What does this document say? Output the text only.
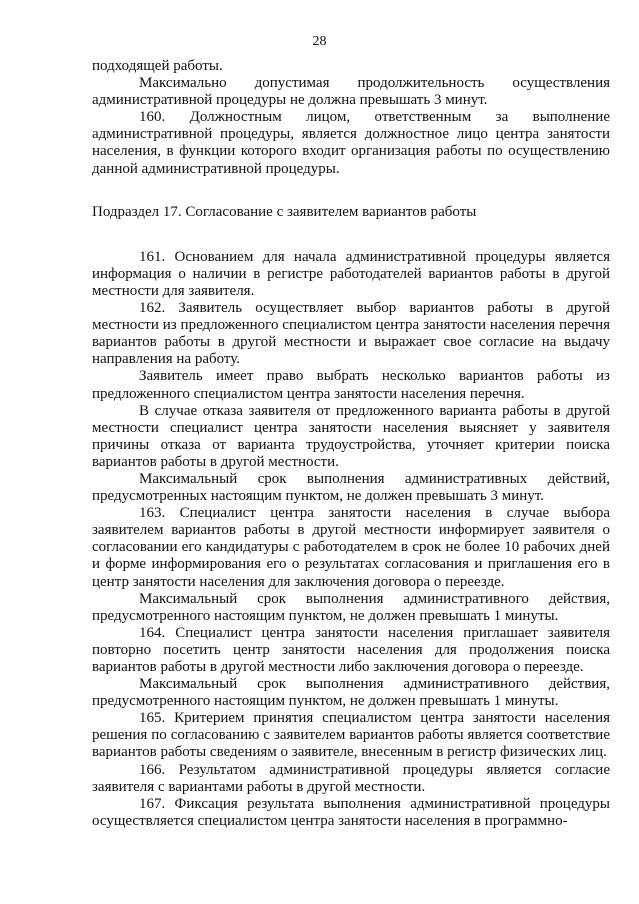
28

подходящей работы.

Максимально допустимая продолжительность осуществления административной процедуры не должна превышать 3 минут.

160. Должностным лицом, ответственным за выполнение административной процедуры, является должностное лицо центра занятости населения, в функции которого входит организация работы по осуществлению данной административной процедуры.

Подраздел 17. Согласование с заявителем вариантов работы

161. Основанием для начала административной процедуры является информация о наличии в регистре работодателей вариантов работы в другой местности для заявителя.

162. Заявитель осуществляет выбор вариантов работы в другой местности из предложенного специалистом центра занятости населения перечня вариантов работы в другой местности и выражает свое согласие на выдачу направления на работу.

Заявитель имеет право выбрать несколько вариантов работы из предложенного специалистом центра занятости населения перечня.

В случае отказа заявителя от предложенного варианта работы в другой местности специалист центра занятости населения выясняет у заявителя причины отказа от варианта трудоустройства, уточняет критерии поиска вариантов работы в другой местности.

Максимальный срок выполнения административных действий, предусмотренных настоящим пунктом, не должен превышать 3 минут.

163. Специалист центра занятости населения в случае выбора заявителем вариантов работы в другой местности информирует заявителя о согласовании его кандидатуры с работодателем в срок не более 10 рабочих дней и форме информирования его о результатах согласования и приглашения его в центр занятости населения для заключения договора о переезде.

Максимальный срок выполнения административного действия, предусмотренного настоящим пунктом, не должен превышать 1 минуты.

164. Специалист центра занятости населения приглашает заявителя повторно посетить центр занятости населения для продолжения поиска вариантов работы в другой местности либо заключения договора о переезде.

Максимальный срок выполнения административного действия, предусмотренного настоящим пунктом, не должен превышать 1 минуты.

165. Критерием принятия специалистом центра занятости населения решения по согласованию с заявителем вариантов работы является соответствие вариантов работы сведениям о заявителе, внесенным в регистр физических лиц.

166. Результатом административной процедуры является согласие заявителя с вариантами работы в другой местности.

167. Фиксация результата выполнения административной процедуры осуществляется специалистом центра занятости населения в программно-
